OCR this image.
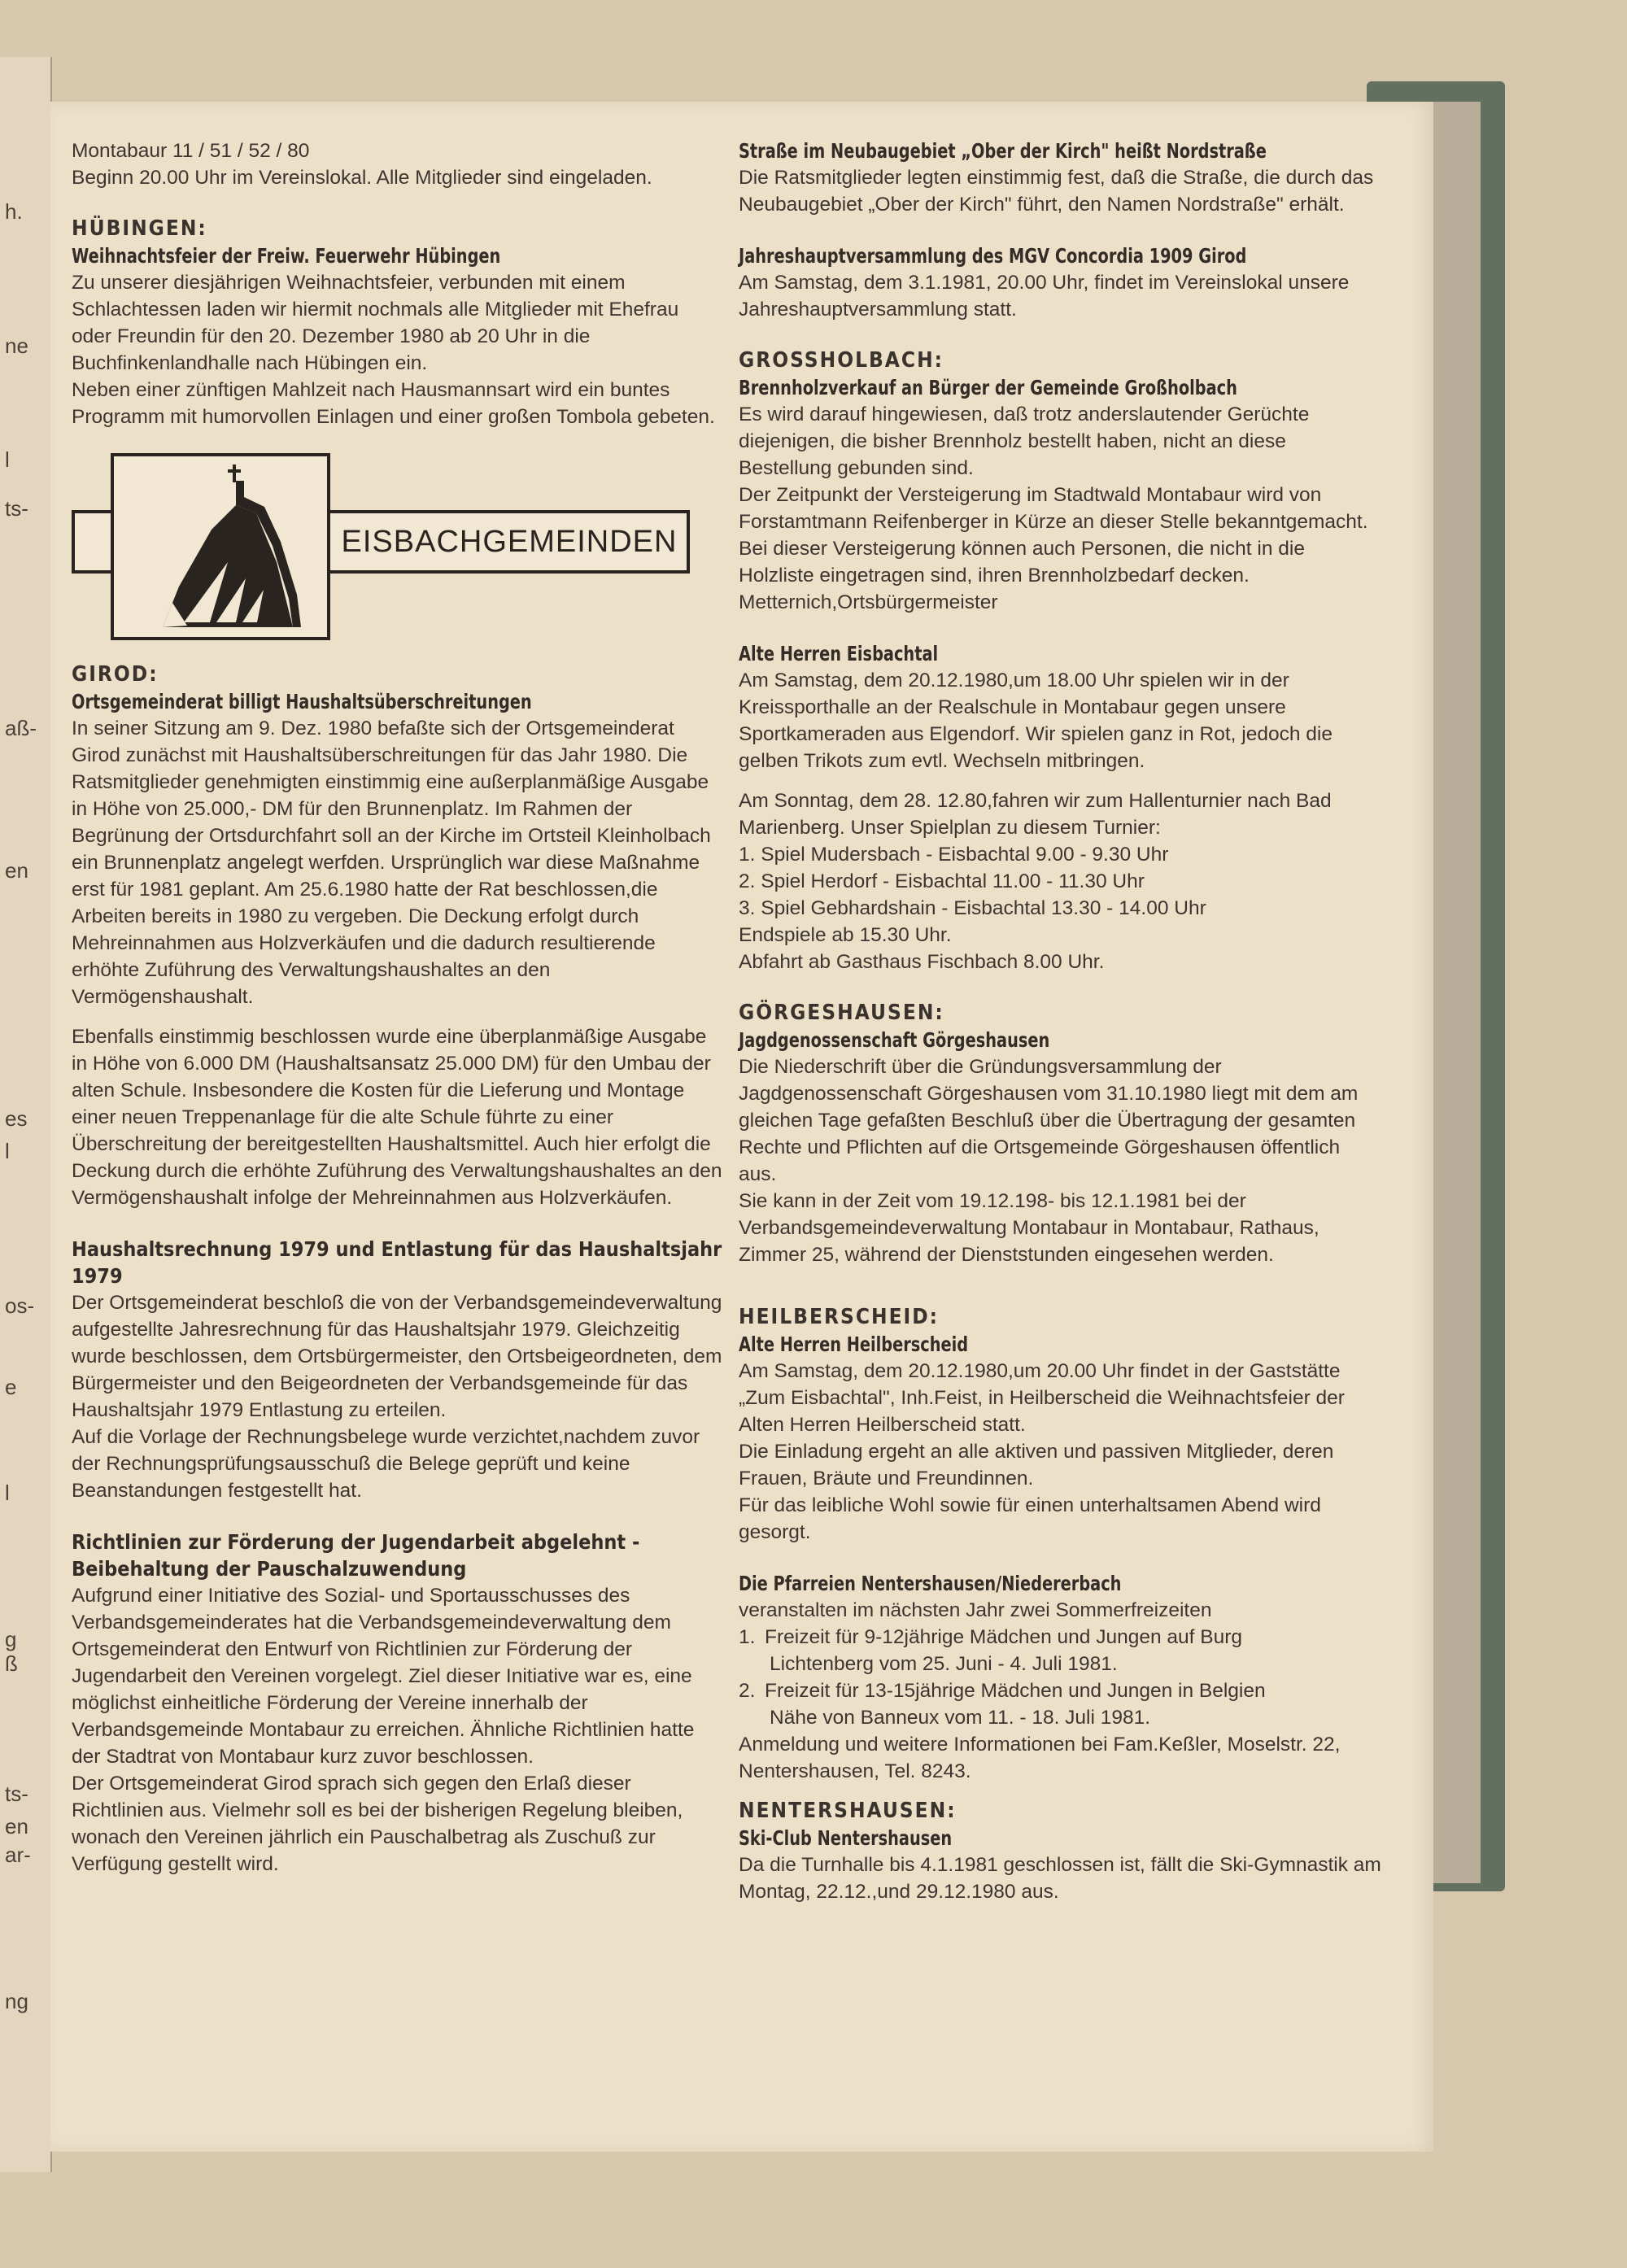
h.
ne
l
ts-
aß-
en
es
l
os-
e
l
g
ß
ts-
en
ar-
ng

Montabaur 11 / 51 / 52 / 80

Beginn 20.00 Uhr im Vereinslokal. Alle Mitglieder sind eingeladen.

HÜBINGEN:

Weihnachtsfeier der Freiw. Feuerwehr Hübingen

Zu unserer diesjährigen Weihnachtsfeier, verbunden mit einem Schlachtessen laden wir hiermit nochmals alle Mitglieder mit Ehefrau oder Freundin für den 20. Dezember 1980 ab 20 Uhr in die Buchfinkenlandhalle nach Hübingen ein.

Neben einer zünftigen Mahlzeit nach Hausmannsart wird ein buntes Programm mit humorvollen Einlagen und einer großen Tombola gebeten.

EISBACHGEMEINDEN

GIROD:

Ortsgemeinderat billigt Haushaltsüberschreitungen

In seiner Sitzung am 9. Dez. 1980 befaßte sich der Ortsgemeinderat Girod zunächst mit Haushaltsüberschreitungen für das Jahr 1980. Die Ratsmitglieder genehmigten einstimmig eine außerplanmäßige Ausgabe in Höhe von 25.000,- DM für den Brunnenplatz. Im Rahmen der Begrünung der Ortsdurchfahrt soll an der Kirche im Ortsteil Kleinholbach ein Brunnenplatz angelegt werfden. Ursprünglich war diese Maßnahme erst für 1981 geplant. Am 25.6.1980 hatte der Rat beschlossen,die Arbeiten bereits in 1980 zu vergeben. Die Deckung erfolgt durch Mehreinnahmen aus Holzverkäufen und die dadurch resultierende erhöhte Zuführung des Verwaltungshaushaltes an den Vermögenshaushalt.

Ebenfalls einstimmig beschlossen wurde eine überplanmäßige Ausgabe in Höhe von 6.000 DM (Haushaltsansatz 25.000 DM) für den Umbau der alten Schule. Insbesondere die Kosten für die Lieferung und Montage einer neuen Treppenanlage für die alte Schule führte zu einer Überschreitung der bereitgestellten Haushaltsmittel. Auch hier erfolgt die Deckung durch die erhöhte Zuführung des Verwaltungshaushaltes an den Vermögenshaushalt infolge der Mehreinnahmen aus Holzverkäufen.

Haushaltsrechnung 1979 und Entlastung für das Haushaltsjahr 1979

Der Ortsgemeinderat beschloß die von der Verbandsgemeindeverwaltung aufgestellte Jahresrechnung für das Haushaltsjahr 1979. Gleichzeitig wurde beschlossen, dem Ortsbürgermeister, den Ortsbeigeordneten, dem Bürgermeister und den Beigeordneten der Verbandsgemeinde für das Haushaltsjahr 1979 Entlastung zu erteilen.

Auf die Vorlage der Rechnungsbelege wurde verzichtet,nachdem zuvor der Rechnungsprüfungsausschuß die Belege geprüft und keine Beanstandungen festgestellt hat.

Richtlinien zur Förderung der Jugendarbeit abgelehnt - Beibehaltung der Pauschalzuwendung

Aufgrund einer Initiative des Sozial- und Sportausschusses des Verbandsgemeinderates hat die Verbandsgemeindeverwaltung dem Ortsgemeinderat den Entwurf von Richtlinien zur Förderung der Jugendarbeit den Vereinen vorgelegt. Ziel dieser Initiative war es, eine möglichst einheitliche Förderung der Vereine innerhalb der Verbandsgemeinde Montabaur zu erreichen. Ähnliche Richtlinien hatte der Stadtrat von Montabaur kurz zuvor beschlossen.

Der Ortsgemeinderat Girod sprach sich gegen den Erlaß dieser Richtlinien aus. Vielmehr soll es bei der bisherigen Regelung bleiben, wonach den Vereinen jährlich ein Pauschalbetrag als Zuschuß zur Verfügung gestellt wird.

Straße im Neubaugebiet „Ober der Kirch" heißt Nordstraße

Die Ratsmitglieder legten einstimmig fest, daß die Straße, die durch das Neubaugebiet „Ober der Kirch" führt, den Namen Nordstraße" erhält.

Jahreshauptversammlung des MGV Concordia 1909 Girod

Am Samstag, dem 3.1.1981, 20.00 Uhr, findet im Vereinslokal unsere Jahreshauptversammlung statt.

GROSSHOLBACH:

Brennholzverkauf an Bürger der Gemeinde Großholbach

Es wird darauf hingewiesen, daß trotz anderslautender Gerüchte diejenigen, die bisher Brennholz bestellt haben, nicht an diese Bestellung gebunden sind.

Der Zeitpunkt der Versteigerung im Stadtwald Montabaur wird von Forstamtmann Reifenberger in Kürze an dieser Stelle bekanntgemacht. Bei dieser Versteigerung können auch Personen, die nicht in die Holzliste eingetragen sind, ihren Brennholzbedarf decken.

Metternich,Ortsbürgermeister

Alte Herren Eisbachtal

Am Samstag, dem 20.12.1980,um 18.00 Uhr spielen wir in der Kreissporthalle an der Realschule in Montabaur gegen unsere Sportkameraden aus Elgendorf. Wir spielen ganz in Rot, jedoch die gelben Trikots zum evtl. Wechseln mitbringen.

Am Sonntag, dem 28. 12.80,fahren wir zum Hallenturnier nach Bad Marienberg. Unser Spielplan zu diesem Turnier:

1. Spiel Mudersbach - Eisbachtal 9.00 - 9.30 Uhr

2. Spiel Herdorf - Eisbachtal 11.00 - 11.30 Uhr

3. Spiel Gebhardshain - Eisbachtal 13.30 - 14.00 Uhr

Endspiele ab 15.30 Uhr.

Abfahrt ab Gasthaus Fischbach 8.00 Uhr.

GÖRGESHAUSEN:

Jagdgenossenschaft Görgeshausen

Die Niederschrift über die Gründungsversammlung der Jagdgenossenschaft Görgeshausen vom 31.10.1980 liegt mit dem am gleichen Tage gefaßten Beschluß über die Übertragung der gesamten Rechte und Pflichten auf die Ortsgemeinde Görgeshausen öffentlich aus.

Sie kann in der Zeit vom 19.12.198- bis 12.1.1981 bei der Verbandsgemeindeverwaltung Montabaur in Montabaur, Rathaus, Zimmer 25, während der Dienststunden eingesehen werden.

HEILBERSCHEID:

Alte Herren Heilberscheid

Am Samstag, dem 20.12.1980,um 20.00 Uhr findet in der Gaststätte „Zum Eisbachtal", Inh.Feist, in Heilberscheid die Weihnachtsfeier der Alten Herren Heilberscheid statt.

Die Einladung ergeht an alle aktiven und passiven Mitglieder, deren Frauen, Bräute und Freundinnen.

Für das leibliche Wohl sowie für einen unterhaltsamen Abend wird gesorgt.

Die Pfarreien Nentershausen/Niedererbach

veranstalten im nächsten Jahr zwei Sommerfreizeiten

1. Freizeit für 9-12jährige Mädchen und Jungen auf Burg
Lichtenberg vom 25. Juni - 4. Juli 1981.
2. Freizeit für 13-15jährige Mädchen und Jungen in Belgien
Nähe von Banneux vom 11. - 18. Juli 1981.

Anmeldung und weitere Informationen bei Fam.Keßler, Moselstr. 22, Nentershausen, Tel. 8243.

NENTERSHAUSEN:

Ski-Club Nentershausen

Da die Turnhalle bis 4.1.1981 geschlossen ist, fällt die Ski-Gymnastik am Montag, 22.12.,und 29.12.1980 aus.
